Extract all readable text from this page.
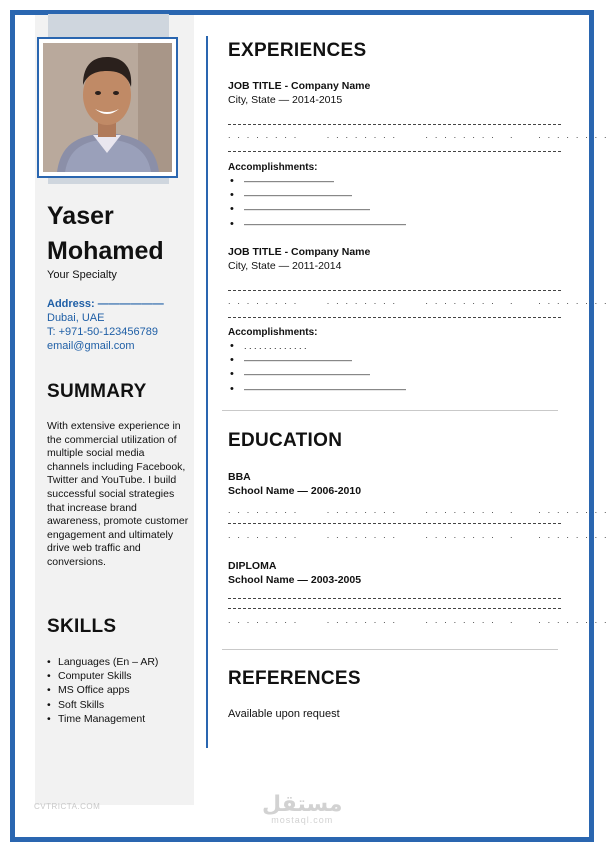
Yaser
Mohamed
Your Specialty
Address: ——————
Dubai, UAE
T: +971-50-123456789
email@gmail.com
SUMMARY
With extensive experience in the commercial utilization of multiple social media channels including Facebook, Twitter and YouTube. I build successful social strategies that increase brand awareness, promote customer engagement and ultimately drive web traffic and conversions.
SKILLS
• Languages (En – AR)
• Computer Skills
• MS Office apps
• Soft Skills
• Time Management
EXPERIENCES
JOB TITLE - Company Name
City, State — 2014-2015
. . . . . . . .      . . . . . . . .      . . . . . . . .   .     . . . . . . . .
Accomplishments:
• ——————————
• ————————————
• ——————————————
• ——————————————————
JOB TITLE - Company Name
City, State — 2011-2014
. . . . . . . .      . . . . . . . .      . . . . . . . .   .     . . . . . . . .
Accomplishments:
• . . . . . . . . . . . . .
• ————————————
• ——————————————
• ——————————————————
EDUCATION
BBA
School Name — 2006-2010
. . . . . . . .      . . . . . . . .      . . . . . . . .   .     . . . . . . . .
. . . . . . . .      . . . . . . . .      . . . . . . . .   .     . . . . . . . .
DIPLOMA
School Name — 2003-2005
. . . . . . . .      . . . . . . . .      . . . . . . . .   .     . . . . . . . .
REFERENCES
Available upon request
CVTRICTA.COM	مستقل
mostaql.com
